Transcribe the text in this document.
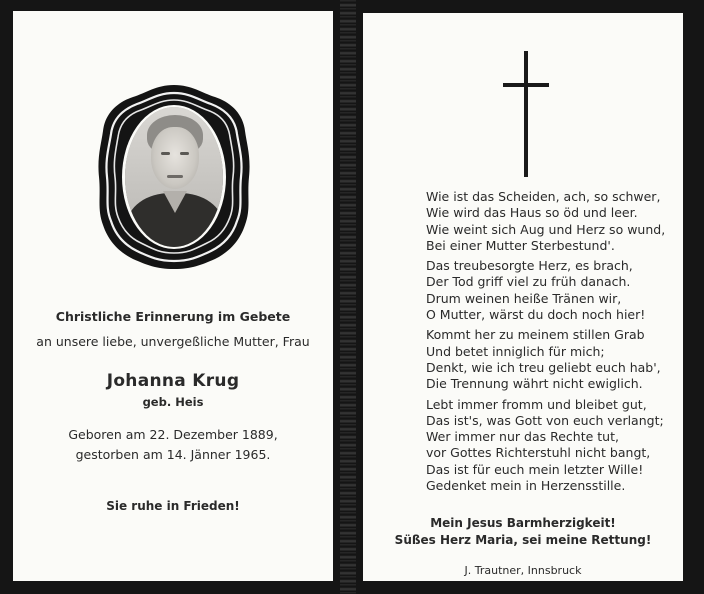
Christliche Erinnerung im Gebete
an unsere liebe, unvergeßliche Mutter, Frau
Johanna Krug
geb. Heis
Geboren am 22. Dezember 1889,
gestorben am 14. Jänner 1965.
Sie ruhe in Frieden!
Wie ist das Scheiden, ach, so schwer,
Wie wird das Haus so öd und leer.
Wie weint sich Aug und Herz so wund,
Bei einer Mutter Sterbestund'.
Das treubesorgte Herz, es brach,
Der Tod griff viel zu früh danach.
Drum weinen heiße Tränen wir,
O Mutter, wärst du doch noch hier!
Kommt her zu meinem stillen Grab
Und betet inniglich für mich;
Denkt, wie ich treu geliebt euch hab',
Die Trennung währt nicht ewiglich.
Lebt immer fromm und bleibet gut,
Das ist's, was Gott von euch verlangt;
Wer immer nur das Rechte tut,
vor Gottes Richterstuhl nicht bangt,
Das ist für euch mein letzter Wille!
Gedenket mein in Herzensstille.
Mein Jesus Barmherzigkeit!
Süßes Herz Maria, sei meine Rettung!
J. Trautner, Innsbruck
